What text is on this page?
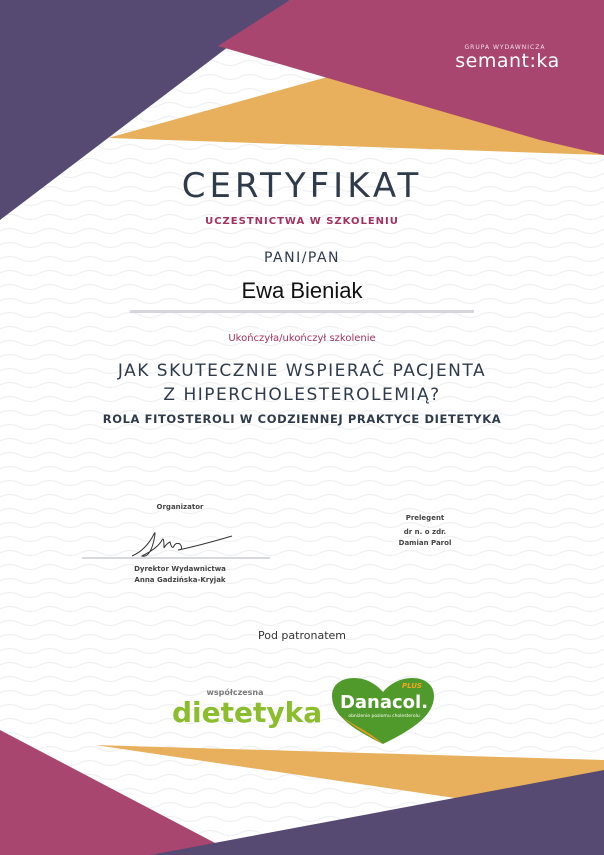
GRUPA WYDAWNICZA
semant:ka
CERTYFIKAT
UCZESTNICTWA W SZKOLENIU
PANI/PAN
Ewa Bieniak
Ukończyła/ukończył szkolenie
JAK SKUTECZNIE WSPIERAĆ PACJENTA
Z HIPERCHOLESTEROLEMIĄ?
ROLA FITOSTEROLI W CODZIENNEJ PRAKTYCE DIETETYKA
Organizator
Dyrektor Wydawnictwa
Anna Gadzińska-Kryjak
Prelegent
dr n. o zdr.
Damian Parol
Pod patronatem
współczesna
dietetyka
PLUS
Danacol.
obniżenie poziomu cholesterolu
